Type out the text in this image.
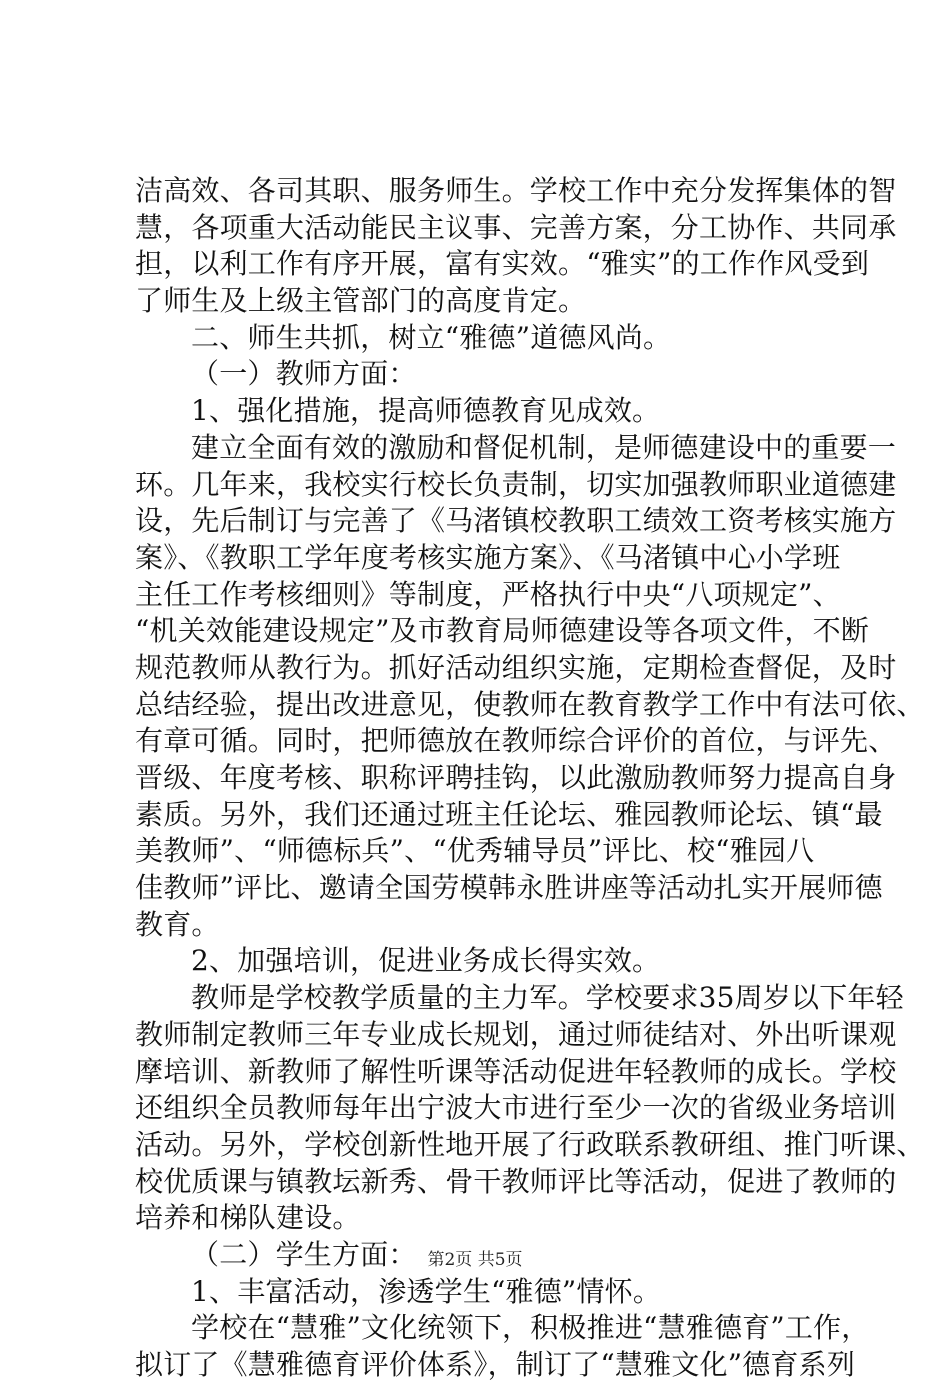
洁高效、各司其职、服务师生。学校工作中充分发挥集体的智
慧，各项重大活动能民主议事、完善方案，分工协作、共同承
担，以利工作有序开展，富有实效。“雅实”的工作作风受到
了师生及上级主管部门的高度肯定。
二、师生共抓，树立“雅德”道德风尚。
（一）教师方面：
1、强化措施，提高师德教育见成效。
建立全面有效的激励和督促机制，是师德建设中的重要一
环。几年来，我校实行校长负责制，切实加强教师职业道德建
设，先后制订与完善了《马渚镇校教职工绩效工资考核实施方
案》、《教职工学年度考核实施方案》、《马渚镇中心小学班
主任工作考核细则》等制度，严格执行中央“八项规定”、
“机关效能建设规定”及市教育局师德建设等各项文件，不断
规范教师从教行为。抓好活动组织实施，定期检查督促，及时
总结经验，提出改进意见，使教师在教育教学工作中有法可依、
有章可循。同时，把师德放在教师综合评价的首位，与评先、
晋级、年度考核、职称评聘挂钩，以此激励教师努力提高自身
素质。另外，我们还通过班主任论坛、雅园教师论坛、镇“最
美教师”、“师德标兵”、“优秀辅导员”评比、校“雅园八
佳教师”评比、邀请全国劳模韩永胜讲座等活动扎实开展师德
教育。
2、加强培训，促进业务成长得实效。
教师是学校教学质量的主力军。学校要求35周岁以下年轻
教师制定教师三年专业成长规划，通过师徒结对、外出听课观
摩培训、新教师了解性听课等活动促进年轻教师的成长。学校
还组织全员教师每年出宁波大市进行至少一次的省级业务培训
活动。另外，学校创新性地开展了行政联系教研组、推门听课、
校优质课与镇教坛新秀、骨干教师评比等活动，促进了教师的
培养和梯队建设。
（二）学生方面：
1、丰富活动，渗透学生“雅德”情怀。
学校在“慧雅”文化统领下，积极推进“慧雅德育”工作，
拟订了《慧雅德育评价体系》，制订了“慧雅文化”德育系列
第2页 共5页
